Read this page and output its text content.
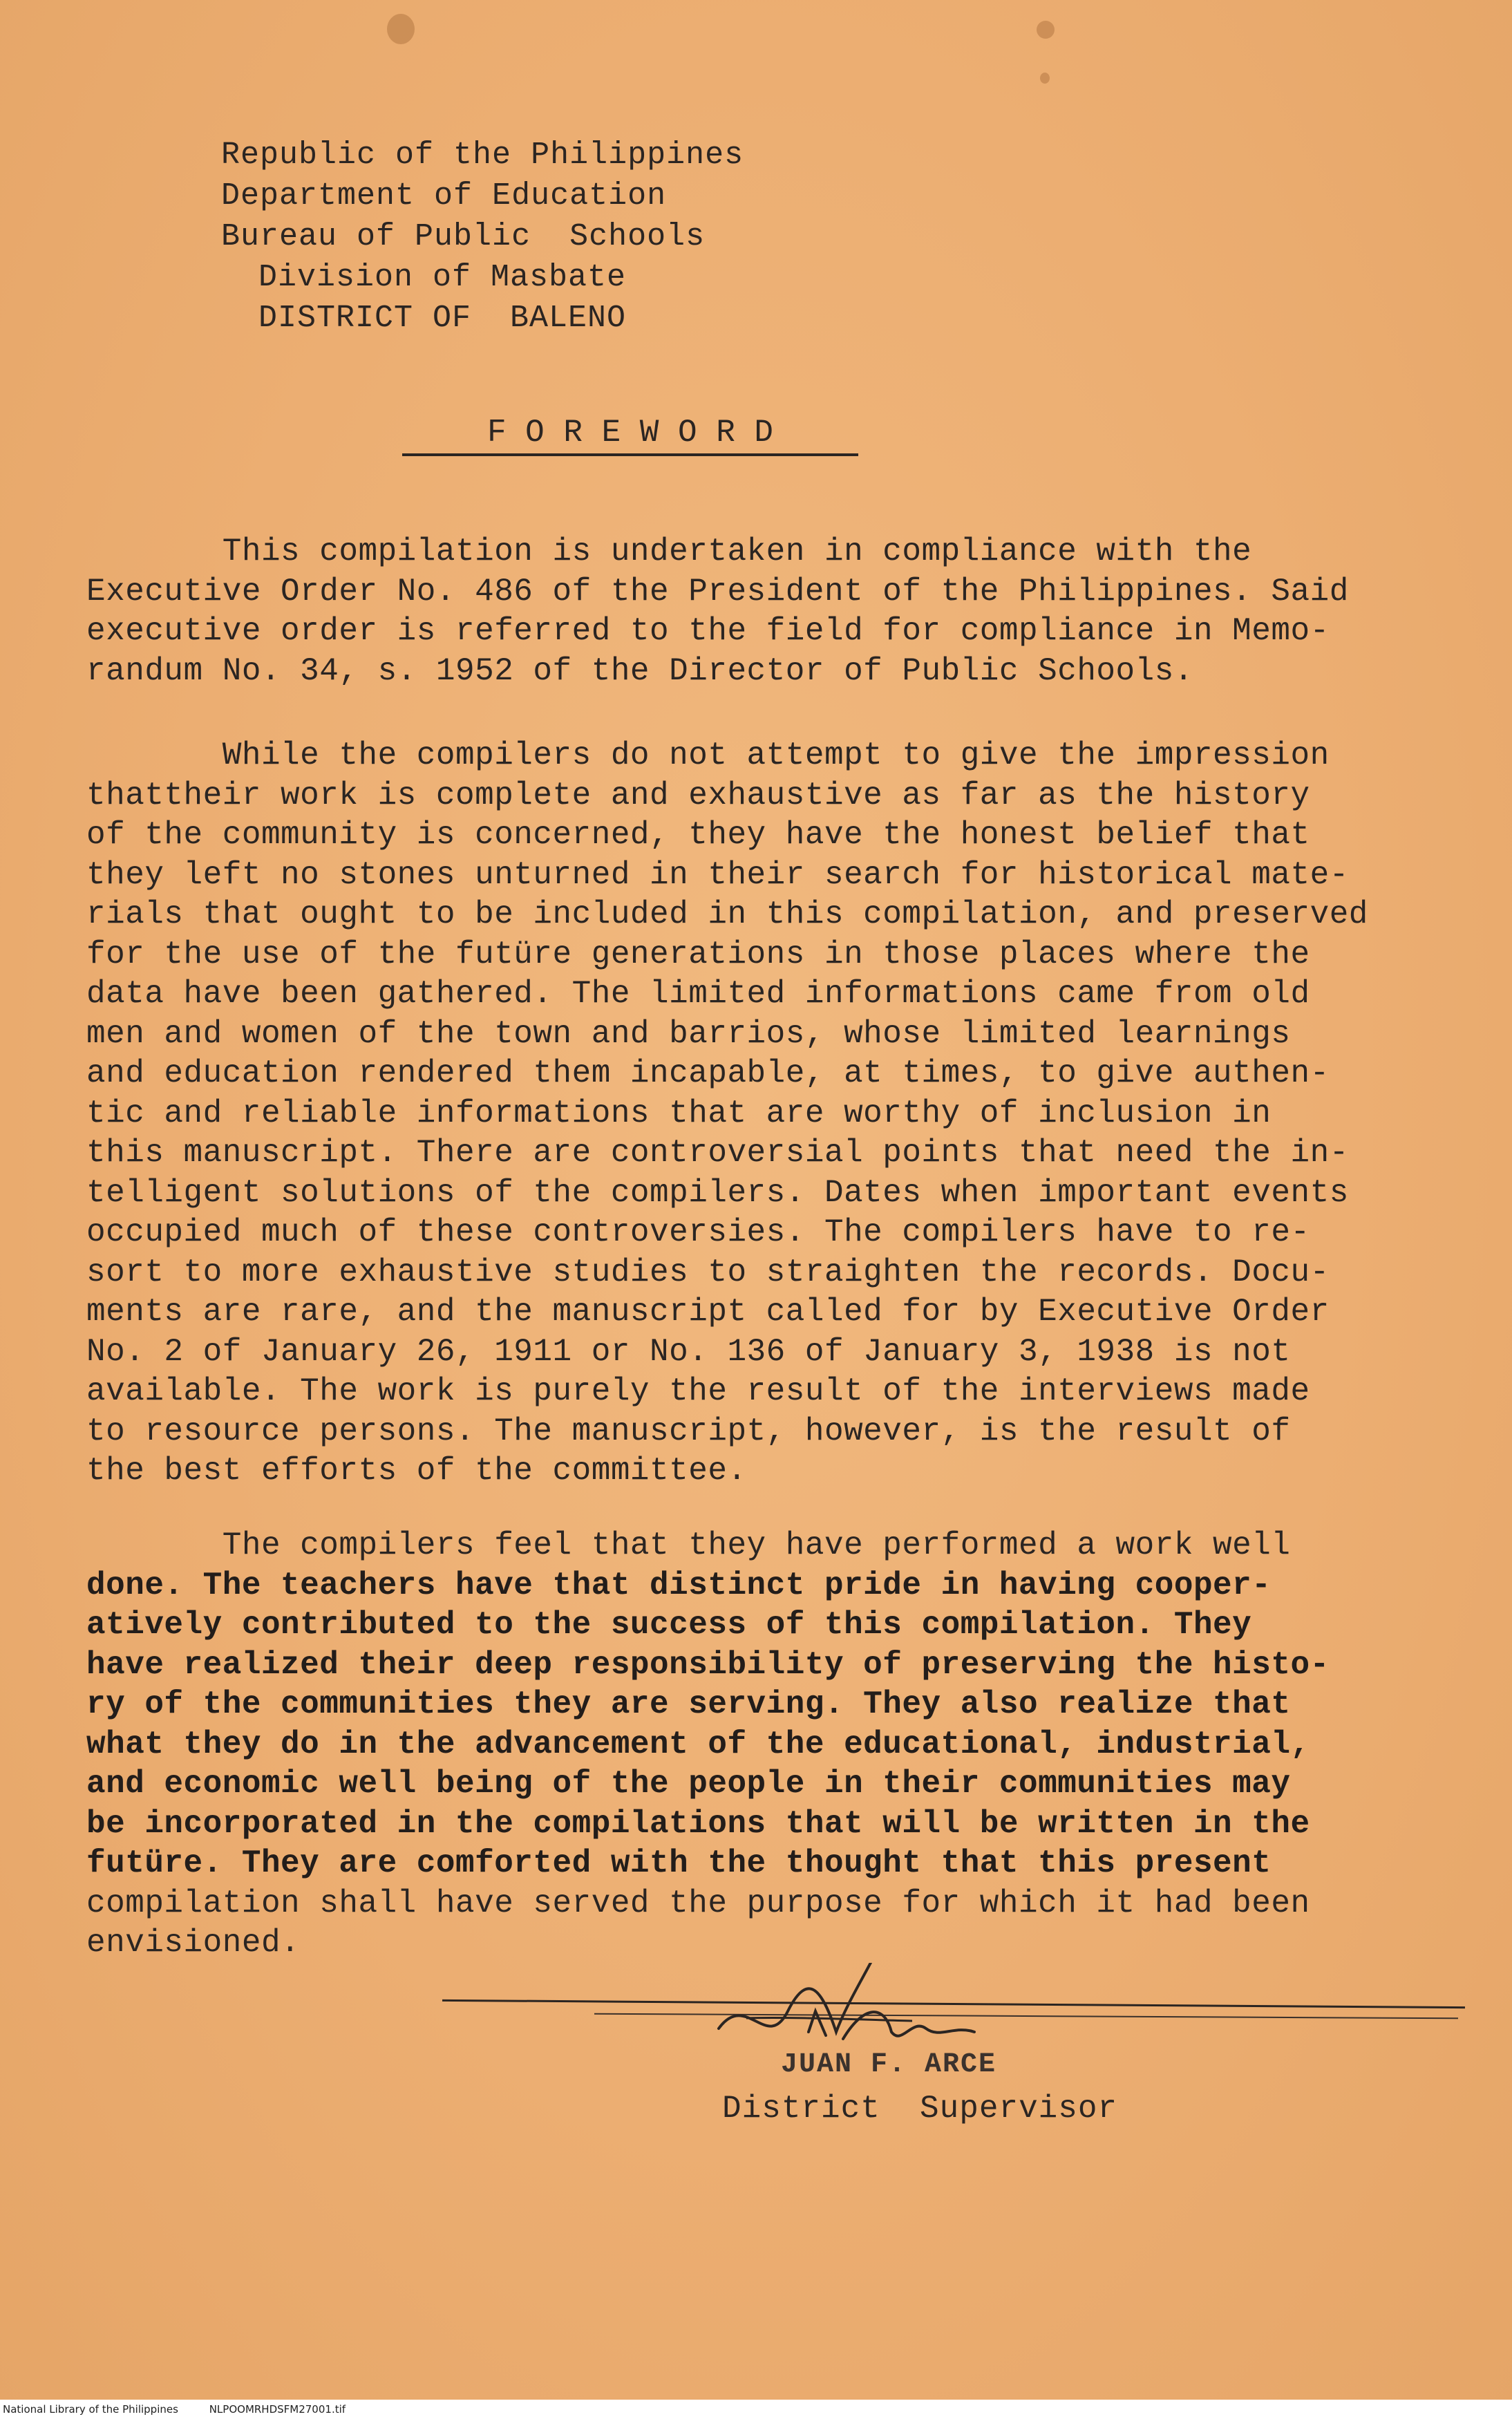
Republic of the Philippines
Department of Education
Bureau of Public  Schools
Division of Masbate
DISTRICT OF  BALENO
F O R E W O R D
This compilation is undertaken in compliance with the
Executive Order No. 486 of the President of the Philippines. Said
executive order is referred to the field for compliance in Memo-
randum No. 34, s. 1952 of the Director of Public Schools.
While the compilers do not attempt to give the impression
thattheir work is complete and exhaustive as far as the history
of the community is concerned, they have the honest belief that
they left no stones unturned in their search for historical mate-
rials that ought to be included in this compilation, and preserved
for the use of the futüre generations in those places where the
data have been gathered. The limited informations came from old
men and women of the town and barrios, whose limited learnings
and education rendered them incapable, at times, to give authen-
tic and reliable informations that are worthy of inclusion in
this manuscript. There are controversial points that need the in-
telligent solutions of the compilers. Dates when important events
occupied much of these controversies. The compilers have to re-
sort to more exhaustive studies to straighten the records. Docu-
ments are rare, and the manuscript called for by Executive Order
No. 2 of January 26, 1911 or No. 136 of January 3, 1938 is not
available. The work is purely the result of the interviews made
to resource persons. The manuscript, however, is the result of
the best efforts of the committee.
The compilers feel that they have performed a work well
done. The teachers have that distinct pride in having cooper-
atively contributed to the success of this compilation. They
have realized their deep responsibility of preserving the histo-
ry of the communities they are serving. They also realize that
what they do in the advancement of the educational, industrial,
and economic well being of the people in their communities may
be incorporated in the compilations that will be written in the
futüre. They are comforted with the thought that this present
compilation shall have served the purpose for which it had been
envisioned.
JUAN F. ARCE
District  Supervisor
National Library of the Philippines	NLPOOMRHDSFM27001.tif
